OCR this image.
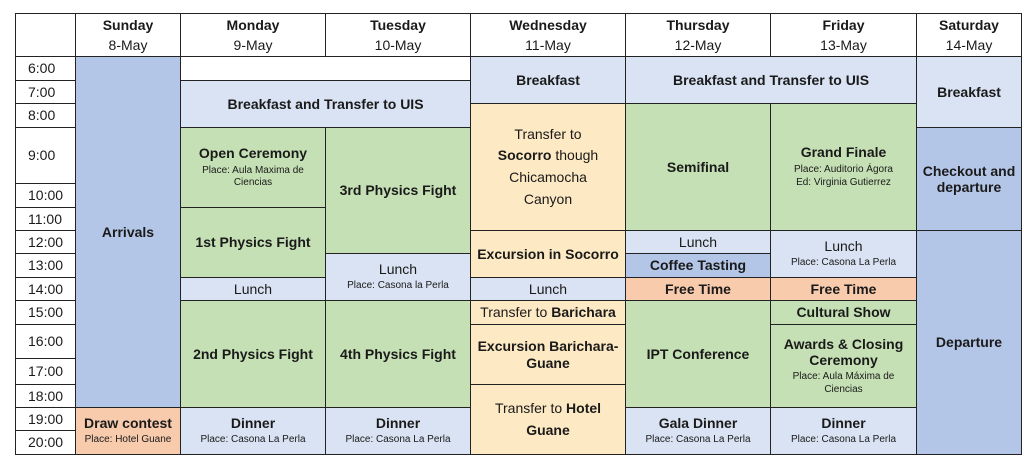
Sunday
8-May
Monday
9-May
Tuesday
10-May
Wednesday
11-May
Thursday
12-May
Friday
13-May
Saturday
14-May
6:00
7:00
8:00
9:00
10:00
11:00
12:00
13:00
14:00
15:00
16:00
17:00
18:00
19:00
20:00
Arrivals
Draw contest
Place: Hotel Guane
Breakfast and Transfer to UIS
Open Ceremony
Place: Aula Maxima de Ciencias
1st Physics Fight
Lunch
2nd Physics Fight
Dinner
Place: Casona La Perla
3rd Physics Fight
Lunch
Place: Casona la Perla
4th Physics Fight
Dinner
Place: Casona La Perla
Breakfast
Transfer to Socorro though Chicamocha Canyon
Excursion in Socorro
Lunch
Transfer to Barichara
Excursion Barichara-Guane
Transfer to Hotel Guane
Breakfast and Transfer to UIS
Semifinal
Lunch
Coffee Tasting
Free Time
IPT Conference
Gala Dinner
Place: Casona La Perla
Grand Finale
Place: Auditorio Ágora
Ed: Virginia Gutierrez
Lunch
Place: Casona La Perla
Free Time
Cultural Show
Awards & Closing Ceremony
Place: Aula Máxima de Ciencias
Dinner
Place: Casona La Perla
Breakfast
Checkout and departure
Departure
